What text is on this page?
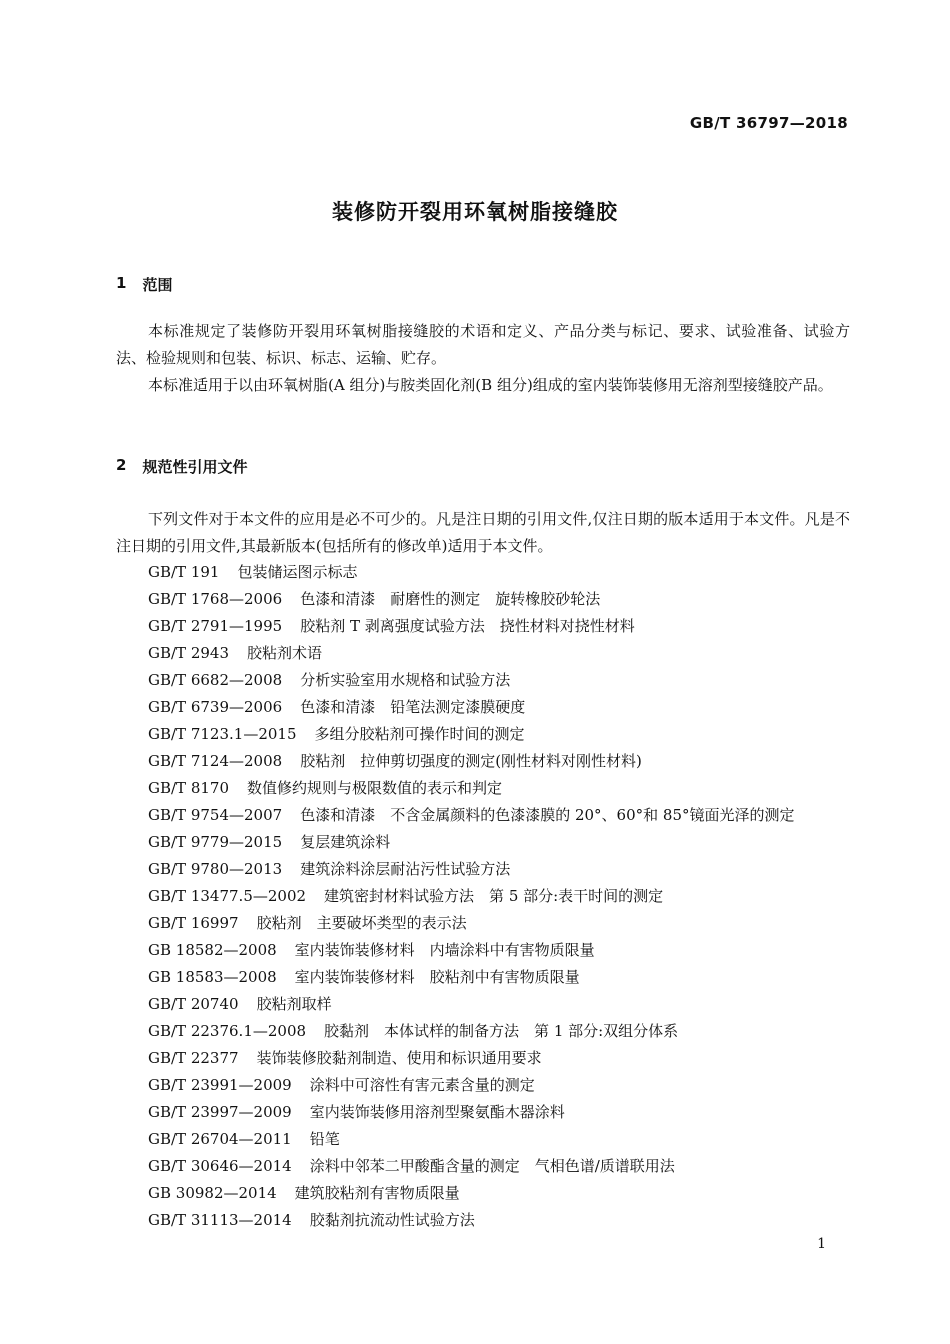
GB/T 36797—2018
装修防开裂用环氧树脂接缝胶
1 范围

本标准规定了装修防开裂用环氧树脂接缝胶的术语和定义、产品分类与标记、要求、试验准备、试验方法、检验规则和包装、标识、标志、运输、贮存。

本标准适用于以由环氧树脂(A 组分)与胺类固化剂(B 组分)组成的室内装饰装修用无溶剂型接缝胶产品。

2 规范性引用文件

下列文件对于本文件的应用是必不可少的。凡是注日期的引用文件,仅注日期的版本适用于本文件。凡是不注日期的引用文件,其最新版本(包括所有的修改单)适用于本文件。

GB/T 191 包装储运图示标志
GB/T 1768—2006 色漆和清漆　耐磨性的测定　旋转橡胶砂轮法
GB/T 2791—1995 胶粘剂 T 剥离强度试验方法　挠性材料对挠性材料
GB/T 2943 胶粘剂术语
GB/T 6682—2008 分析实验室用水规格和试验方法
GB/T 6739—2006 色漆和清漆　铅笔法测定漆膜硬度
GB/T 7123.1—2015 多组分胶粘剂可操作时间的测定
GB/T 7124—2008 胶粘剂　拉伸剪切强度的测定(刚性材料对刚性材料)
GB/T 8170 数值修约规则与极限数值的表示和判定
GB/T 9754—2007 色漆和清漆　不含金属颜料的色漆漆膜的 20°、60°和 85°镜面光泽的测定
GB/T 9779—2015 复层建筑涂料
GB/T 9780—2013 建筑涂料涂层耐沾污性试验方法
GB/T 13477.5—2002 建筑密封材料试验方法　第 5 部分:表干时间的测定
GB/T 16997 胶粘剂　主要破坏类型的表示法
GB 18582—2008 室内装饰装修材料　内墙涂料中有害物质限量
GB 18583—2008 室内装饰装修材料　胶粘剂中有害物质限量
GB/T 20740 胶粘剂取样
GB/T 22376.1—2008 胶黏剂　本体试样的制备方法　第 1 部分:双组分体系
GB/T 22377 装饰装修胶黏剂制造、使用和标识通用要求
GB/T 23991—2009 涂料中可溶性有害元素含量的测定
GB/T 23997—2009 室内装饰装修用溶剂型聚氨酯木器涂料
GB/T 26704—2011 铅笔
GB/T 30646—2014 涂料中邻苯二甲酸酯含量的测定　气相色谱/质谱联用法
GB 30982—2014 建筑胶粘剂有害物质限量
GB/T 31113—2014 胶黏剂抗流动性试验方法
1
